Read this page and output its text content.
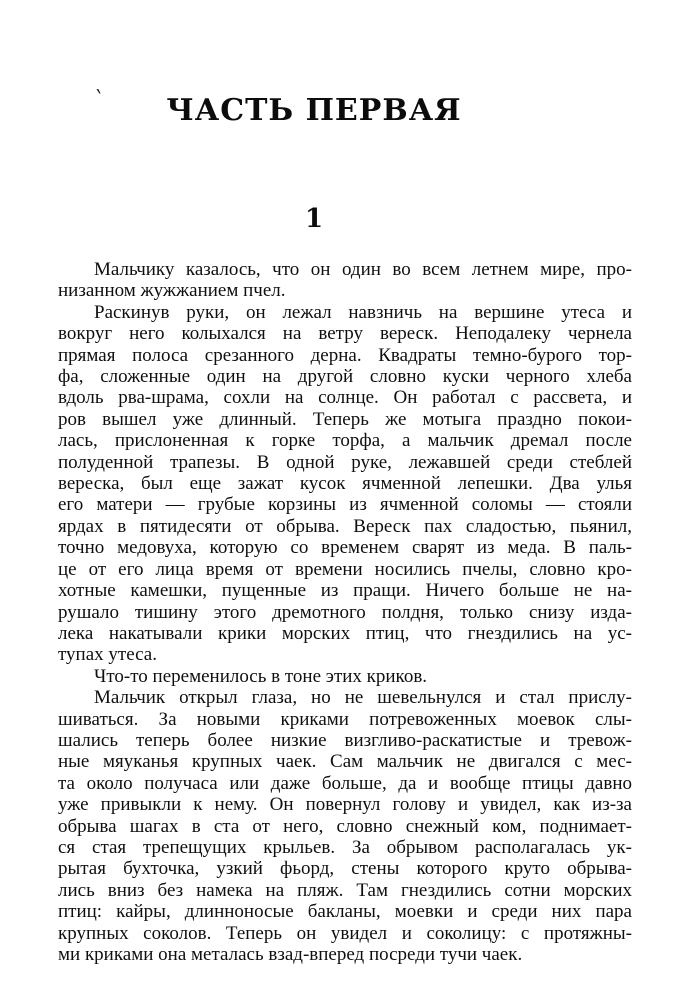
ˋ	ЧАСТЬ ПЕРВАЯ
1
Мальчику казалось, что он один во всем летнем мире, про-
низанном жужжанием пчел.
Раскинув руки, он лежал навзничь на вершине утеса и
вокруг него колыхался на ветру вереск. Неподалеку чернела
прямая полоса срезанного дерна. Квадраты темно-бурого тор-
фа, сложенные один на другой словно куски черного хлеба
вдоль рва-шрама, сохли на солнце. Он работал с рассвета, и
ров вышел уже длинный. Теперь же мотыга праздно покои-
лась, прислоненная к горке торфа, а мальчик дремал после
полуденной трапезы. В одной руке, лежавшей среди стеблей
вереска, был еще зажат кусок ячменной лепешки. Два улья
его матери — грубые корзины из ячменной соломы — стояли
ярдах в пятидесяти от обрыва. Вереск пах сладостью, пьянил,
точно медовуха, которую со временем сварят из меда. В паль-
це от его лица время от времени носились пчелы, словно кро-
хотные камешки, пущенные из пращи. Ничего больше не на-
рушало тишину этого дремотного полдня, только снизу изда-
лека накатывали крики морских птиц, что гнездились на ус-
тупах утеса.
Что-то переменилось в тоне этих криков.
Мальчик открыл глаза, но не шевельнулся и стал прислу-
шиваться. За новыми криками потревоженных моевок слы-
шались теперь более низкие визгливо-раскатистые и тревож-
ные мяуканья крупных чаек. Сам мальчик не двигался с мес-
та около получаса или даже больше, да и вообще птицы давно
уже привыкли к нему. Он повернул голову и увидел, как из-за
обрыва шагах в ста от него, словно снежный ком, поднимает-
ся стая трепещущих крыльев. За обрывом располагалась ук-
рытая бухточка, узкий фьорд, стены которого круто обрыва-
лись вниз без намека на пляж. Там гнездились сотни морских
птиц: кайры, длинноносые бакланы, моевки и среди них пара
крупных соколов. Теперь он увидел и соколицу: с протяжны-
ми криками она металась взад-вперед посреди тучи чаек.
